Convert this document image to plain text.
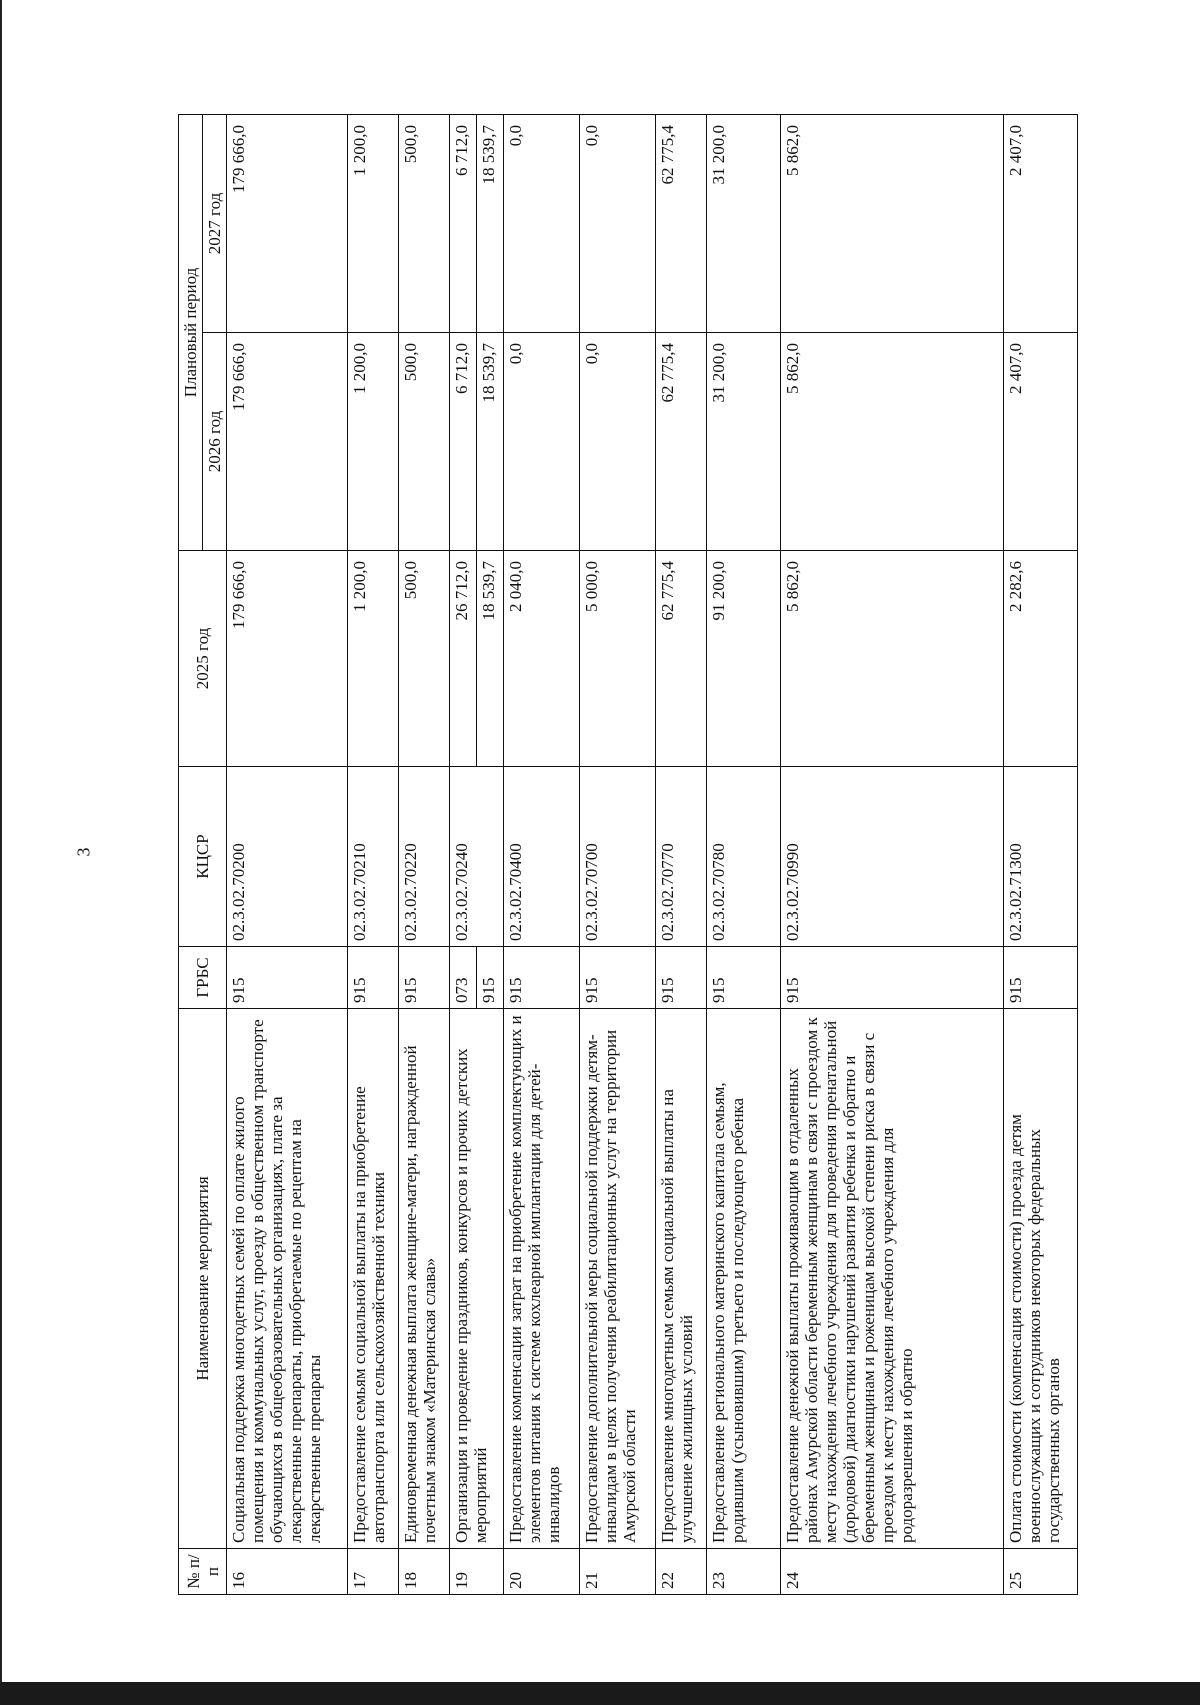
3
№ п/п	Наименование мероприятия	ГРБС	КЦСР	2025 год	Плановый период	
					2026 год	2027 год
16	Социальная поддержка многодетных семей по оплате жилого помещения и коммунальных услуг, проезду в общественном транспорте обучающихся в общеобразовательных организациях, плате за лекарственные препараты, приобретаемые по рецептам на лекарственные препараты	915	02.3.02.70200	179 666,0	179 666,0	179 666,0
17	Предоставление семьям социальной выплаты на приобретение автотранспорта или сельскохозяйственной техники	915	02.3.02.70210	1 200,0	1 200,0	1 200,0
18	Единовременная денежная выплата женщине-матери, награжденной почетным знаком «Материнская слава»	915	02.3.02.70220	500,0	500,0	500,0
19	Организация и проведение праздников, конкурсов и прочих детских мероприятий	073	02.3.02.70240	26 712,0	6 712,0	6 712,0
		915		18 539,7	18 539,7	18 539,7
20	Предоставление компенсации затрат на приобретение комплектующих и элементов питания к системе кохлеарной имплантации для детей-инвалидов	915	02.3.02.70400	2 040,0	0,0	0,0
21	Предоставление дополнительной меры социальной поддержки детям-инвалидам в целях получения реабилитационных услуг на территории Амурской области	915	02.3.02.70700	5 000,0	0,0	0,0
22	Предоставление многодетным семьям социальной выплаты на улучшение жилищных условий	915	02.3.02.70770	62 775,4	62 775,4	62 775,4
23	Предоставление регионального материнского капитала семьям, родившим (усыновившим) третьего и последующего ребенка	915	02.3.02.70780	91 200,0	31 200,0	31 200,0
24	Предоставление денежной выплаты проживающим в отдаленных районах Амурской области беременным женщинам в связи с проездом к месту нахождения лечебного учреждения для проведения пренатальной (дородовой) диагностики нарушений развития ребенка и обратно и беременным женщинам и роженицам высокой степени риска в связи с проездом к месту нахождения лечебного учреждения для родоразрешения и обратно	915	02.3.02.70990	5 862,0	5 862,0	5 862,0
25	Оплата стоимости (компенсация стоимости) проезда детям военнослужащих и сотрудников некоторых федеральных государственных органов	915	02.3.02.71300	2 282,6	2 407,0	2 407,0
